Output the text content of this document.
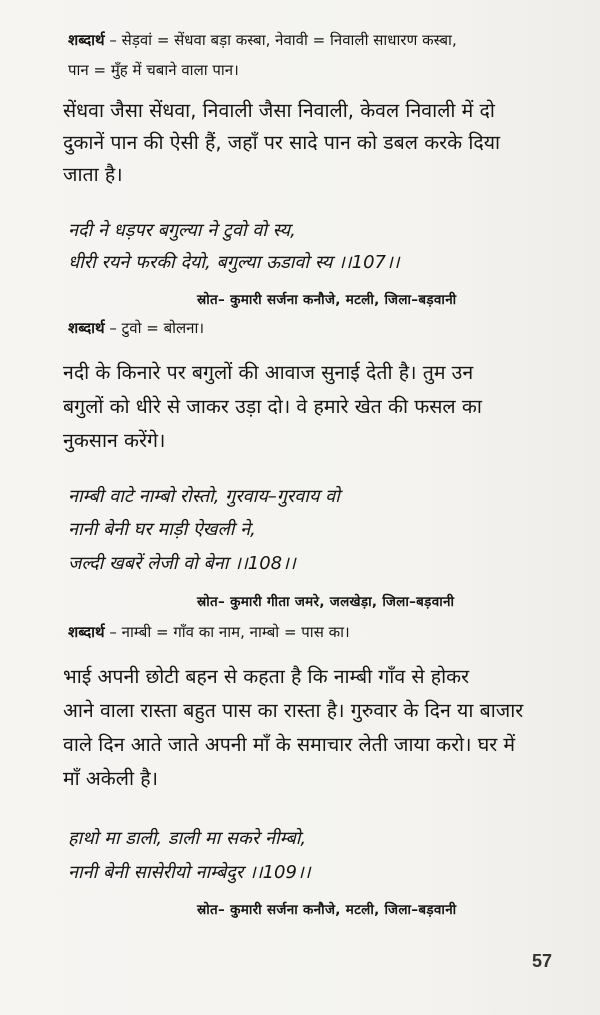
शब्दार्थ – सेड़वां = सेंधवा बड़ा कस्बा, नेवावी = निवाली साधारण कस्बा,

पान = मुँह में चबाने वाला पान।

सेंधवा जैसा सेंधवा, निवाली जैसा निवाली, केवल निवाली में दो

दुकानें पान की ऐसी हैं, जहाँ पर सादे पान को डबल करके दिया

जाता है।

नदी ने धड़पर बगुल्या ने टुवो वो स्य,

धीरी रयने फरकी देयो, बगुल्या ऊडावो स्य ।।107।।

स्रोत– कुमारी सर्जना कनौजे, मटली, जिला–बड़वानी

शब्दार्थ – टुवो = बोलना।

नदी के किनारे पर बगुलों की आवाज सुनाई देती है। तुम उन

बगुलों को धीरे से जाकर उड़ा दो। वे हमारे खेत की फसल का

नुकसान करेंगे।

नाम्बी वाटे नाम्बो रोस्तो, गुरवाय–गुरवाय वो

नानी बेनी घर माड़ी ऐखली ने,

जल्दी खबरें लेजी वो बेना ।।108।।

स्रोत– कुमारी गीता जमरे, जलखेड़ा, जिला–बड़वानी

शब्दार्थ – नाम्बी = गाँव का नाम, नाम्बो = पास का।

भाई अपनी छोटी बहन से कहता है कि नाम्बी गाँव से होकर

आने वाला रास्ता बहुत पास का रास्ता है। गुरुवार के दिन या बाजार

वाले दिन आते जाते अपनी माँ के समाचार लेती जाया करो। घर में

माँ अकेली है।

हाथो मा डाली, डाली मा सकरे नीम्बो,

नानी बेनी सासेरीयो नाम्बेदुर ।।109।।

स्रोत– कुमारी सर्जना कनौजे, मटली, जिला–बड़वानी

57
